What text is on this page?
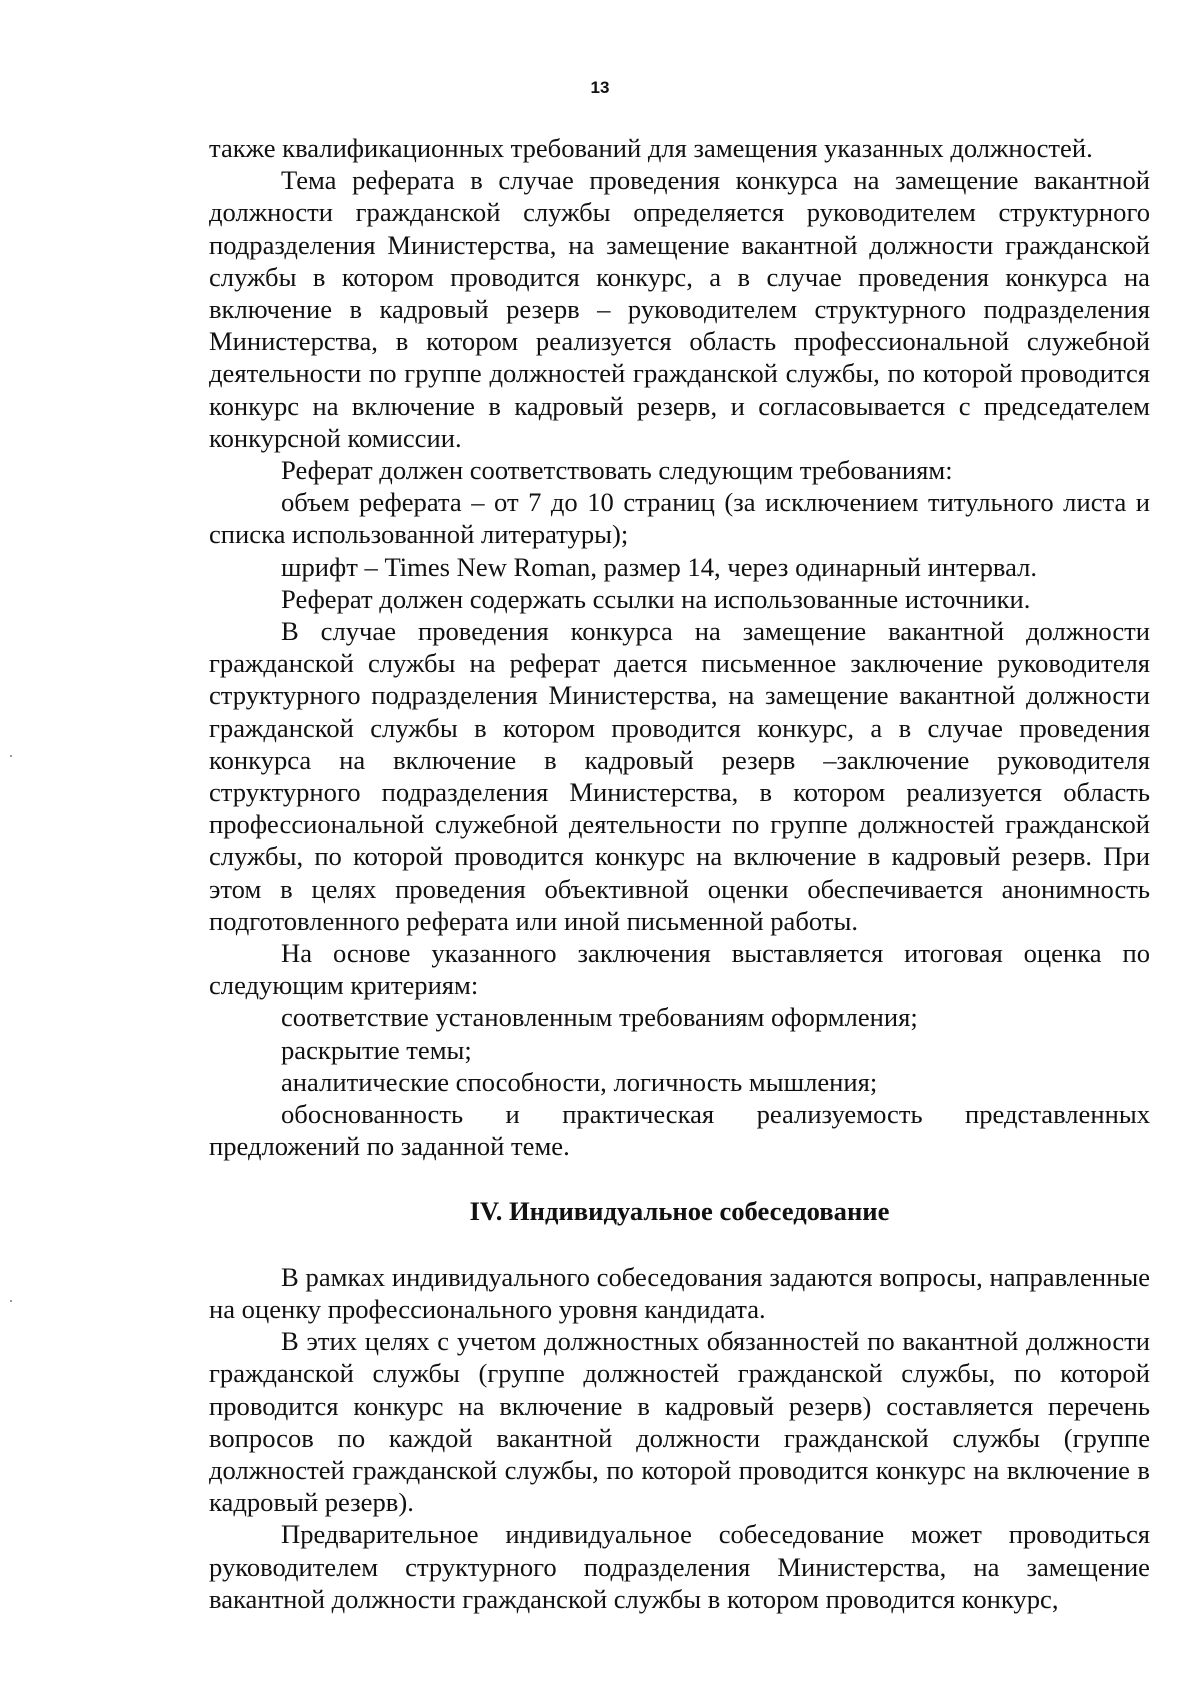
13

также квалификационных требований для замещения указанных должностей.

Тема реферата в случае проведения конкурса на замещение вакантной должности гражданской службы определяется руководителем структурного подразделения Министерства, на замещение вакантной должности гражданской службы в котором проводится конкурс, а в случае проведения конкурса на включение в кадровый резерв – руководителем структурного подразделения Министерства, в котором реализуется область профессиональной служебной деятельности по группе должностей гражданской службы, по которой проводится конкурс на включение в кадровый резерв, и согласовывается с председателем конкурсной комиссии.

Реферат должен соответствовать следующим требованиям:

объем реферата – от 7 до 10 страниц (за исключением титульного листа и списка использованной литературы);

шрифт – Times New Roman, размер 14, через одинарный интервал.

Реферат должен содержать ссылки на использованные источники.

В случае проведения конкурса на замещение вакантной должности гражданской службы на реферат дается письменное заключение руководителя структурного подразделения Министерства, на замещение вакантной должности гражданской службы в котором проводится конкурс, а в случае проведения конкурса на включение в кадровый резерв –заключение руководителя структурного подразделения Министерства, в котором реализуется область профессиональной служебной деятельности по группе должностей гражданской службы, по которой проводится конкурс на включение в кадровый резерв. При этом в целях проведения объективной оценки обеспечивается анонимность подготовленного реферата или иной письменной работы.

На основе указанного заключения выставляется итоговая оценка по следующим критериям:

соответствие установленным требованиям оформления;

раскрытие темы;

аналитические способности, логичность мышления;

обоснованность и практическая реализуемость представленных предложений по заданной теме.

IV. Индивидуальное собеседование

В рамках индивидуального собеседования задаются вопросы, направленные на оценку профессионального уровня кандидата.

В этих целях с учетом должностных обязанностей по вакантной должности гражданской службы (группе должностей гражданской службы, по которой проводится конкурс на включение в кадровый резерв) составляется перечень вопросов по каждой вакантной должности гражданской службы (группе должностей гражданской службы, по которой проводится конкурс на включение в кадровый резерв).

Предварительное индивидуальное собеседование может проводиться руководителем структурного подразделения Министерства, на замещение вакантной должности гражданской службы в котором проводится конкурс,
